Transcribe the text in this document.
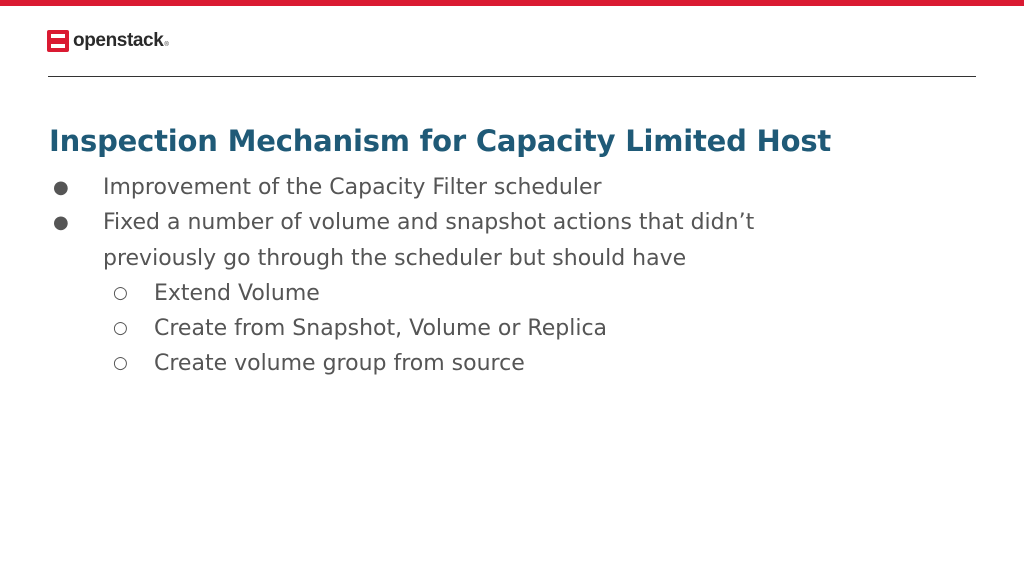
openstack ®
Inspection Mechanism for Capacity Limited Host
● Improvement of the Capacity Filter scheduler
● Fixed a number of volume and snapshot actions that didn’t
previously go through the scheduler but should have
○ Extend Volume
○ Create from Snapshot, Volume or Replica
○ Create volume group from source
